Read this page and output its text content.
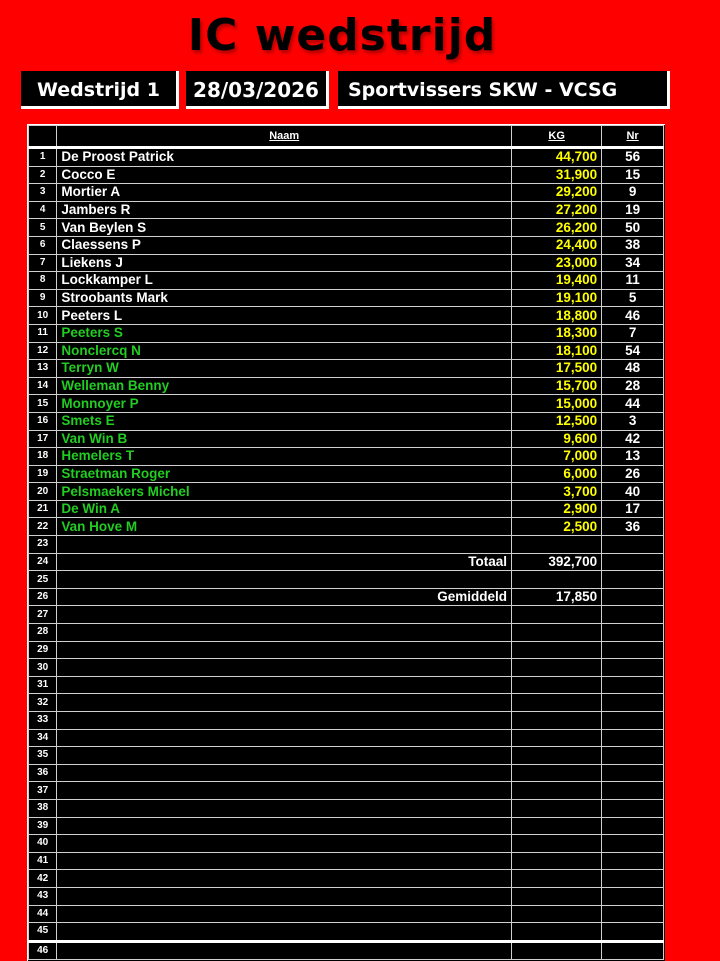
IC wedstrijd
Wedstrijd 1	28/03/2026	Sportvissers SKW - VCSG
	Naam	KG	Nr
1	De Proost Patrick	44,700	56
2	Cocco E	31,900	15
3	Mortier A	29,200	9
4	Jambers R	27,200	19
5	Van Beylen S	26,200	50
6	Claessens P	24,400	38
7	Liekens J	23,000	34
8	Lockkamper L	19,400	11
9	Stroobants Mark	19,100	5
10	Peeters L	18,800	46
11	Peeters S	18,300	7
12	Nonclercq N	18,100	54
13	Terryn W	17,500	48
14	Welleman Benny	15,700	28
15	Monnoyer P	15,000	44
16	Smets E	12,500	3
17	Van Win B	9,600	42
18	Hemelers T	7,000	13
19	Straetman Roger	6,000	26
20	Pelsmaekers Michel	3,700	40
21	De Win A	2,900	17
22	Van Hove M	2,500	36
23			
24	Totaal	392,700	
25			
26	Gemiddeld	17,850	
27			
28			
29			
30			
31			
32			
33			
34			
35			
36			
37			
38			
39			
40			
41			
42			
43			
44			
45			
46			
